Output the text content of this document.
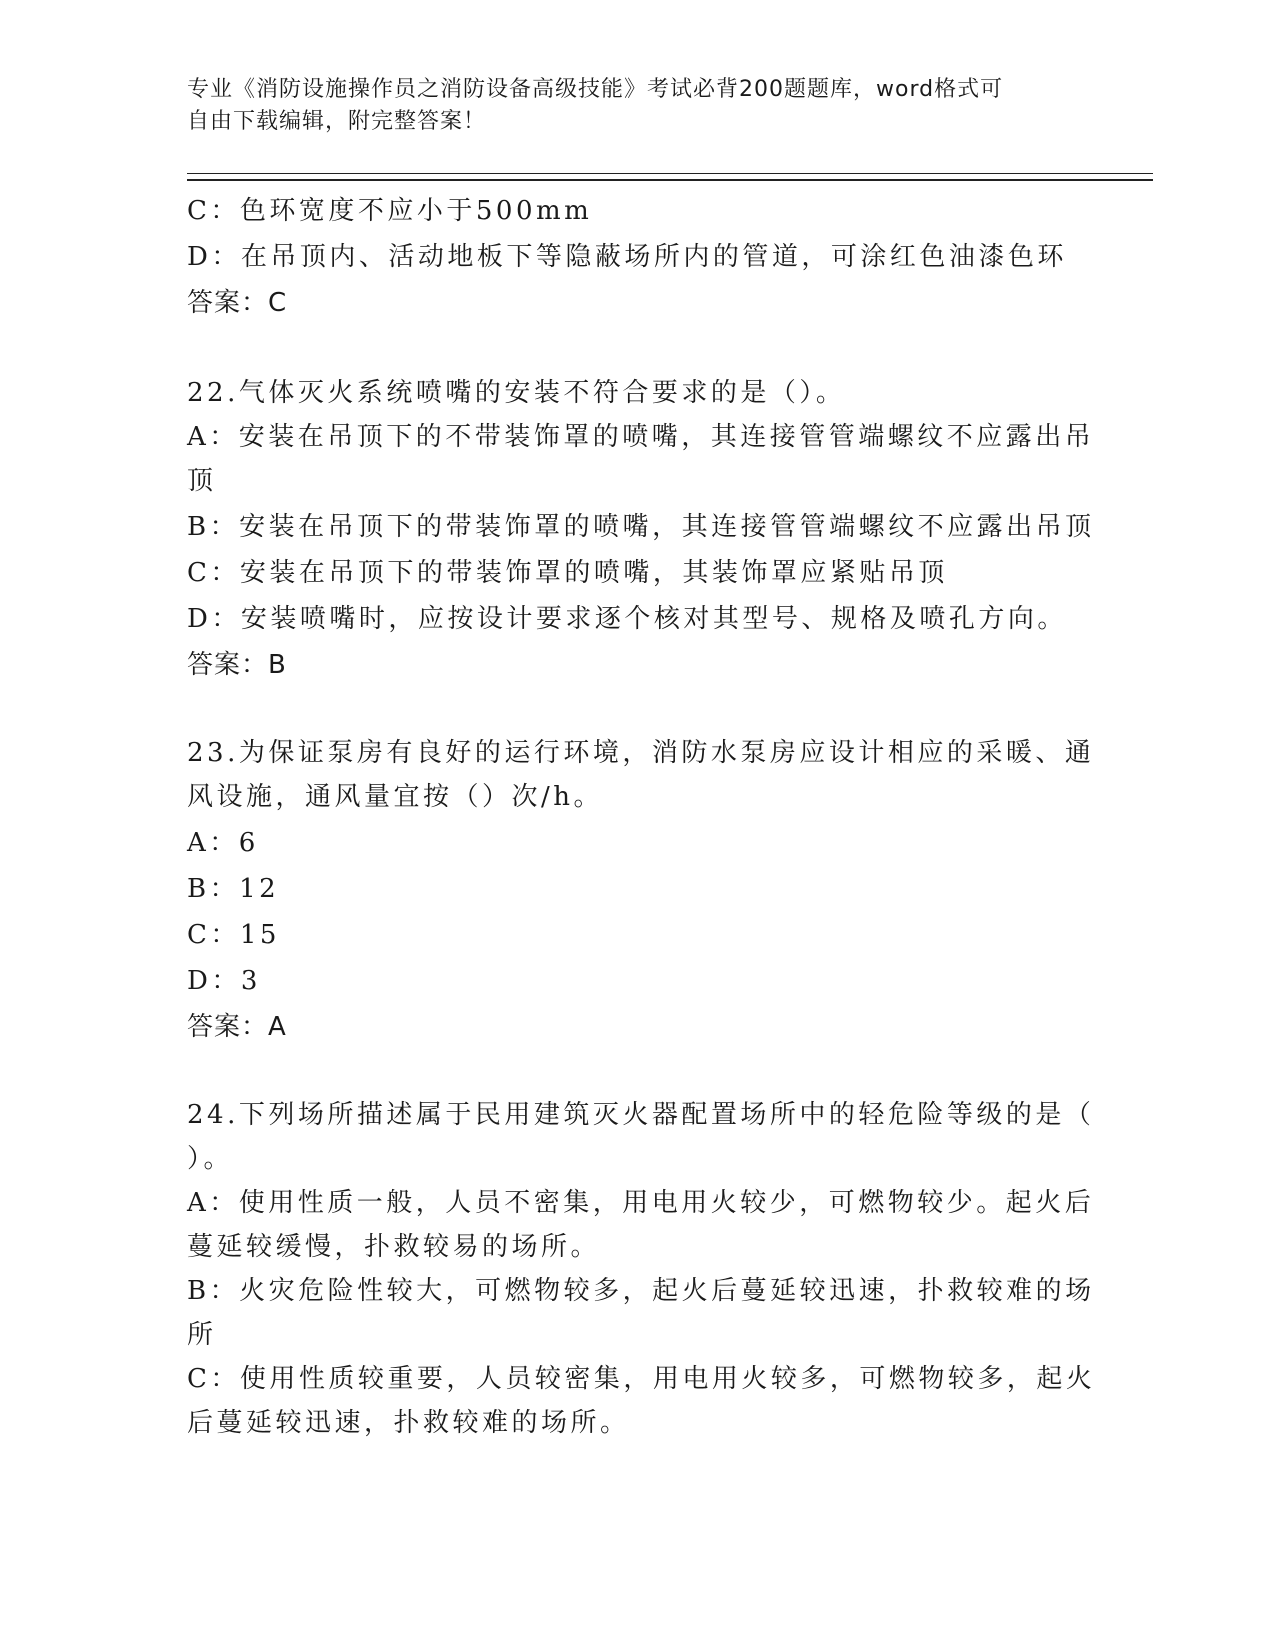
专业《消防设施操作员之消防设备高级技能》考试必背200题题库，word格式可
自由下载编辑，附完整答案！
C：色环宽度不应小于500mm
D：在吊顶内、活动地板下等隐蔽场所内的管道，可涂红色油漆色环
答案：C
22.气体灭火系统喷嘴的安装不符合要求的是（）。
A：安装在吊顶下的不带装饰罩的喷嘴，其连接管管端螺纹不应露出吊
顶
B：安装在吊顶下的带装饰罩的喷嘴，其连接管管端螺纹不应露出吊顶
C：安装在吊顶下的带装饰罩的喷嘴，其装饰罩应紧贴吊顶
D：安装喷嘴时，应按设计要求逐个核对其型号、规格及喷孔方向。
答案：B
23.为保证泵房有良好的运行环境，消防水泵房应设计相应的采暖、通
风设施，通风量宜按（）次/h。
A：6
B：12
C：15
D：3
答案：A
24.下列场所描述属于民用建筑灭火器配置场所中的轻危险等级的是（
）。
A：使用性质一般，人员不密集，用电用火较少，可燃物较少。起火后
蔓延较缓慢，扑救较易的场所。
B：火灾危险性较大，可燃物较多，起火后蔓延较迅速，扑救较难的场
所
C：使用性质较重要，人员较密集，用电用火较多，可燃物较多，起火
后蔓延较迅速，扑救较难的场所。
